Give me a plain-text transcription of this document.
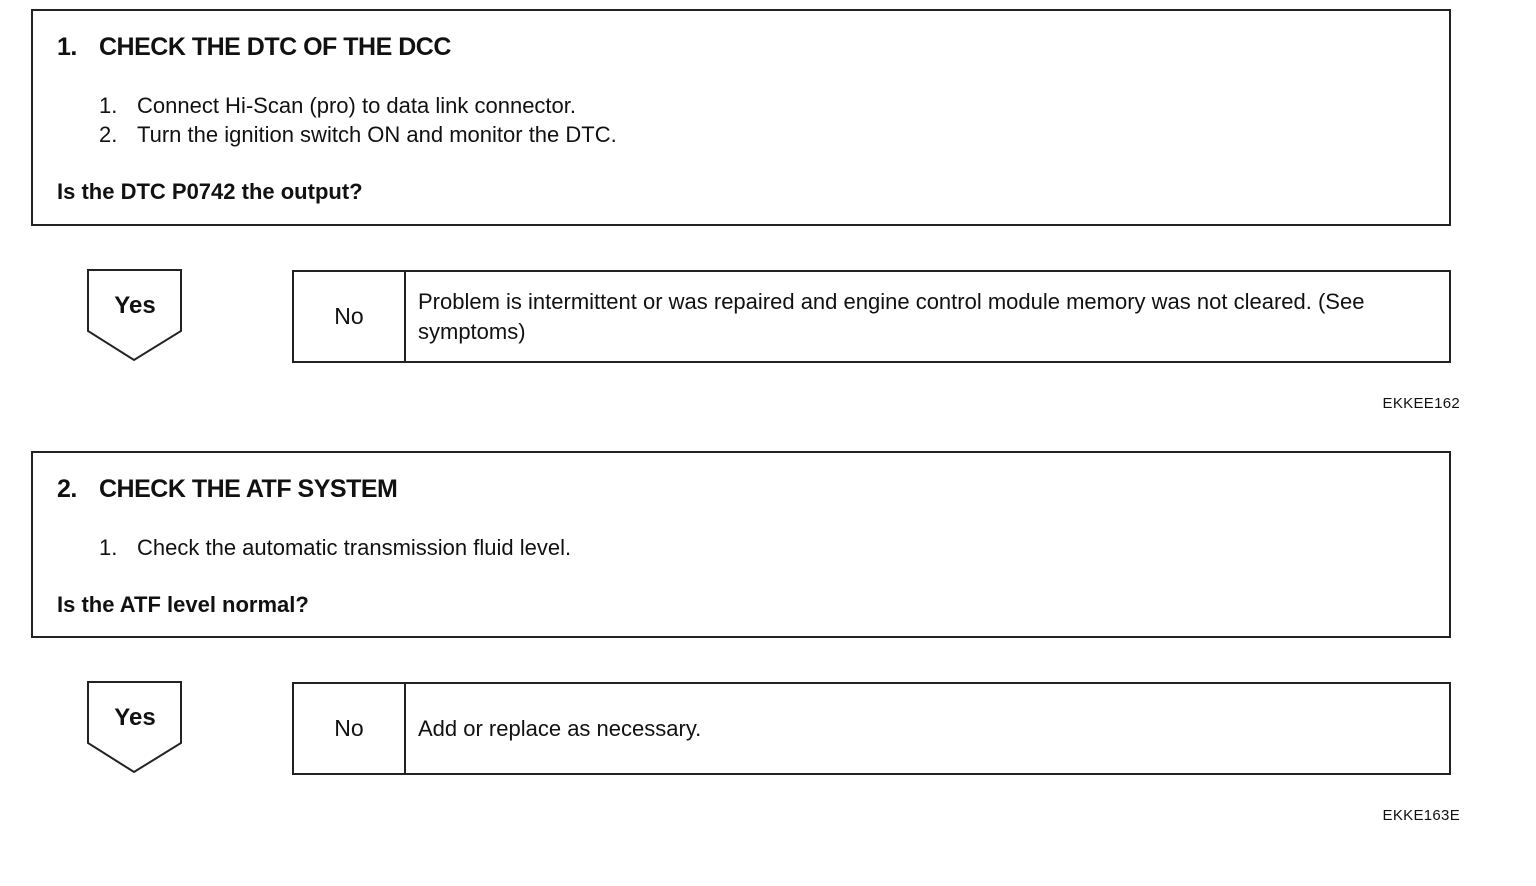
1. CHECK THE DTC OF THE DCC
1. Connect Hi-Scan (pro) to data link connector.
2. Turn the ignition switch ON and monitor the DTC.
Is the DTC P0742 the output?
Yes	No
Problem is intermittent or was repaired and engine control module memory was not cleared. (See symptoms)
EKKEE162
2. CHECK THE ATF SYSTEM
1. Check the automatic transmission fluid level.
Is the ATF level normal?
Yes	No	Add or replace as necessary.
EKKE163E
